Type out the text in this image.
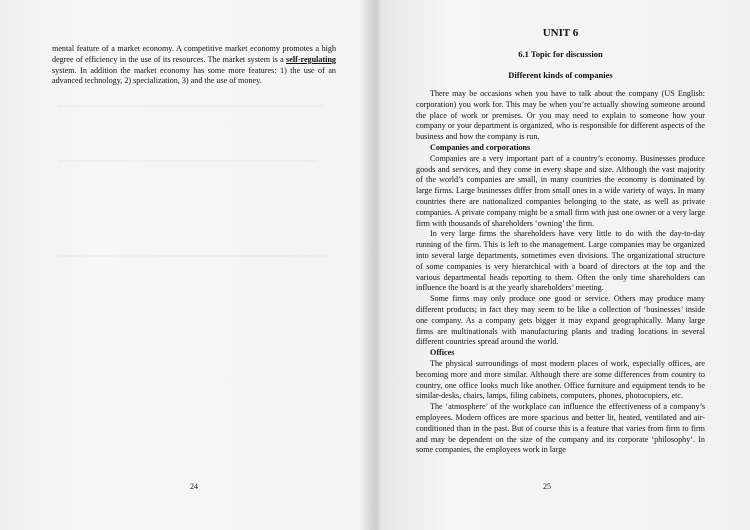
mental feature of a market economy. A competitive market economy promotes a high degree of efficiency in the use of its resources. The market system is a self-regulating system. In addition the market economy has some more features: 1) the use of an advanced technology, 2) specialization, 3) and the use of money.

24
UNIT 6
6.1 Topic for discussion
Different kinds of companies

There may be occasions when you have to talk about the company (US English: corporation) you work for. This may be when you’re actually showing someone around the place of work or premises. Or you may need to explain to someone how your company or your department is organized, who is responsible for different aspects of the business and how the company is run.

Companies and corporations

Companies are a very important part of a country’s economy. Businesses produce goods and services, and they come in every shape and size. Although the vast majority of the world’s companies are small, in many countries the economy is dominated by large firms. Large businesses differ from small ones in a wide variety of ways. In many countries there are nationalized companies belonging to the state, as well as private companies. A private company might be a small firm with just one owner or a very large firm with thousands of shareholders ‘owning’ the firm.

In very large firms the shareholders have very little to do with the day-to-day running of the firm. This is left to the management. Large companies may be organized into several large departments, sometimes even divisions. The organizational structure of some companies is very hierarchical with a board of directors at the top and the various departmental heads reporting to them. Often the only time shareholders can influence the board is at the yearly shareholders’ meeting.

Some firms may only produce one good or service. Others may produce many different products; in fact they may seem to be like a collection of ‘businesses’ inside one company. As a company gets bigger it may expand geographically. Many large firms are multinationals with manufacturing plants and trading locations in several different countries spread around the world.

Offices

The physical surroundings of most modern places of work, especially offices, are becoming more and more similar. Although there are some differences from country to country, one office looks much like another. Office furniture and equipment tends to be similar-desks, chairs, lamps, filing cabinets, computers, phones, photocopiers, etc.

The ‘atmosphere’ of the workplace can influence the effectiveness of a company’s employees. Modern offices are more spacious and better lit, heated, ventilated and air-conditioned than in the past. But of course this is a feature that varies from firm to firm and may be dependent on the size of the company and its corporate ‘philosophy’. In some companies, the employees work in large

25
